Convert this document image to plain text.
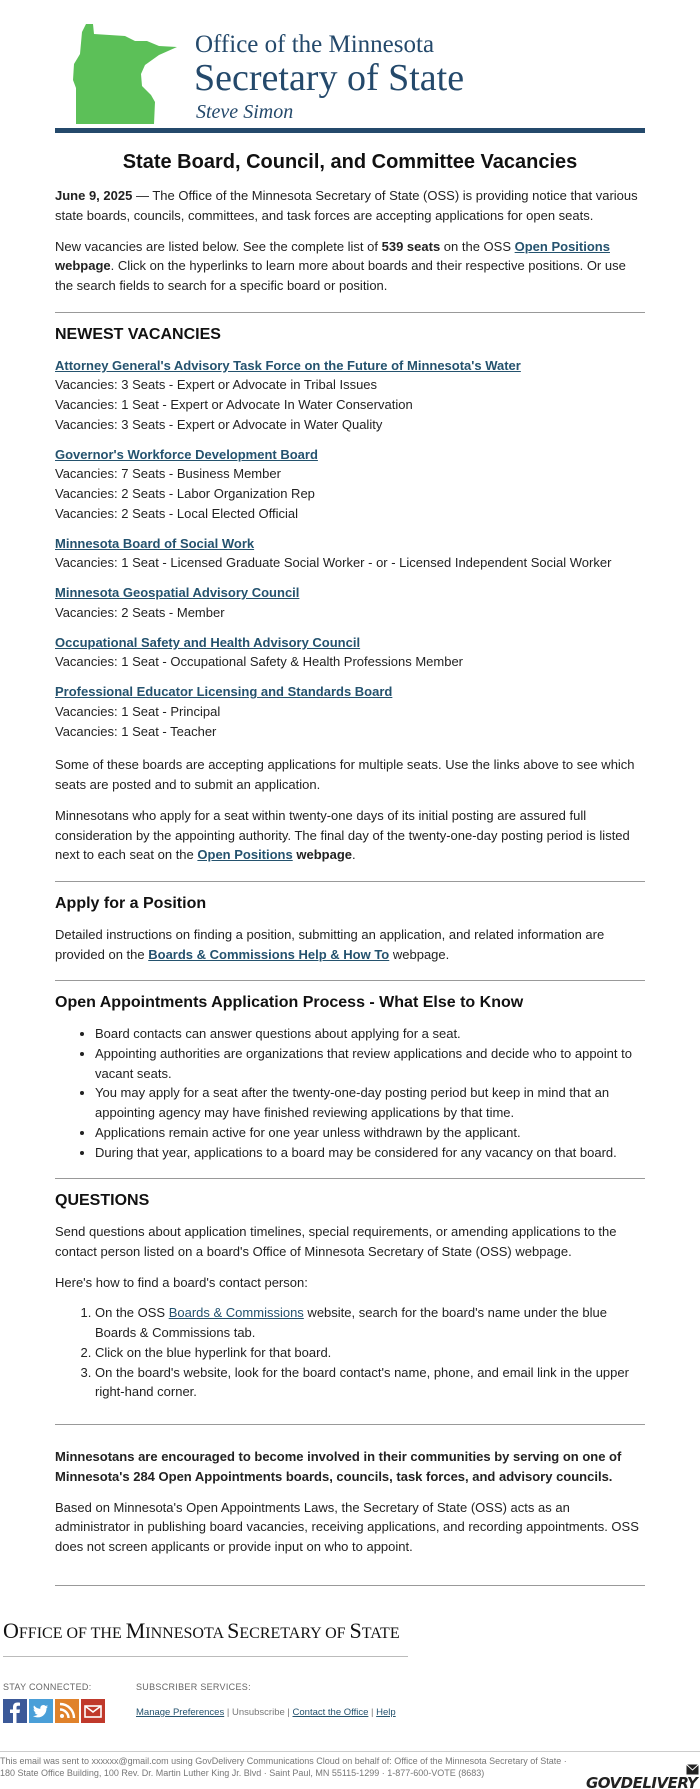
Office of the Minnesota
Secretary of State
Steve Simon
State Board, Council, and Committee Vacancies

June 9, 2025 — The Office of the Minnesota Secretary of State (OSS) is providing notice that various state boards, councils, committees, and task forces are accepting applications for open seats.

New vacancies are listed below. See the complete list of 539 seats on the OSS Open Positions webpage. Click on the hyperlinks to learn more about boards and their respective positions. Or use the search fields to search for a specific board or position.

NEWEST VACANCIES
Attorney General's Advisory Task Force on the Future of Minnesota's Water
Vacancies: 3 Seats - Expert or Advocate in Tribal Issues
Vacancies: 1 Seat - Expert or Advocate In Water Conservation
Vacancies: 3 Seats - Expert or Advocate in Water Quality
Governor's Workforce Development Board
Vacancies: 7 Seats - Business Member
Vacancies: 2 Seats - Labor Organization Rep
Vacancies: 2 Seats - Local Elected Official
Minnesota Board of Social Work
Vacancies: 1 Seat - Licensed Graduate Social Worker - or - Licensed Independent Social Worker
Minnesota Geospatial Advisory Council
Vacancies: 2 Seats - Member
Occupational Safety and Health Advisory Council
Vacancies: 1 Seat - Occupational Safety & Health Professions Member
Professional Educator Licensing and Standards Board
Vacancies: 1 Seat - Principal
Vacancies: 1 Seat - Teacher

Some of these boards are accepting applications for multiple seats. Use the links above to see which seats are posted and to submit an application.

Minnesotans who apply for a seat within twenty-one days of its initial posting are assured full consideration by the appointing authority. The final day of the twenty-one-day posting period is listed next to each seat on the Open Positions webpage.

Apply for a Position

Detailed instructions on finding a position, submitting an application, and related information are provided on the Boards & Commissions Help & How To webpage.

Open Appointments Application Process - What Else to Know
• Board contacts can answer questions about applying for a seat.
• Appointing authorities are organizations that review applications and decide who to appoint to vacant seats.
• You may apply for a seat after the twenty-one-day posting period but keep in mind that an appointing agency may have finished reviewing applications by that time.
• Applications remain active for one year unless withdrawn by the applicant.
• During that year, applications to a board may be considered for any vacancy on that board.
QUESTIONS

Send questions about application timelines, special requirements, or amending applications to the contact person listed on a board's Office of Minnesota Secretary of State (OSS) webpage.

Here's how to find a board's contact person:

1. On the OSS Boards & Commissions website, search for the board's name under the blue Boards & Commissions tab.
2. Click on the blue hyperlink for that board.
3. On the board's website, look for the board contact's name, phone, and email link in the upper right-hand corner.

Minnesotans are encouraged to become involved in their communities by serving on one of Minnesota's 284 Open Appointments boards, councils, task forces, and advisory councils.

Based on Minnesota's Open Appointments Laws, the Secretary of State (OSS) acts as an administrator in publishing board vacancies, receiving applications, and recording appointments. OSS does not screen applicants or provide input on who to appoint.

OFFICE OF THE MINNESOTA SECRETARY OF STATE
STAY CONNECTED:	SUBSCRIBER SERVICES:
Manage Preferences | Unsubscribe | Contact the Office | Help
This email was sent to xxxxxx@gmail.com using GovDelivery Communications Cloud on behalf of: Office of the Minnesota Secretary of State · 180 State Office Building, 100 Rev. Dr. Martin Luther King Jr. Blvd · Saint Paul, MN 55115-1299 · 1-877-600-VOTE (8683)
GOVDELIVERY
